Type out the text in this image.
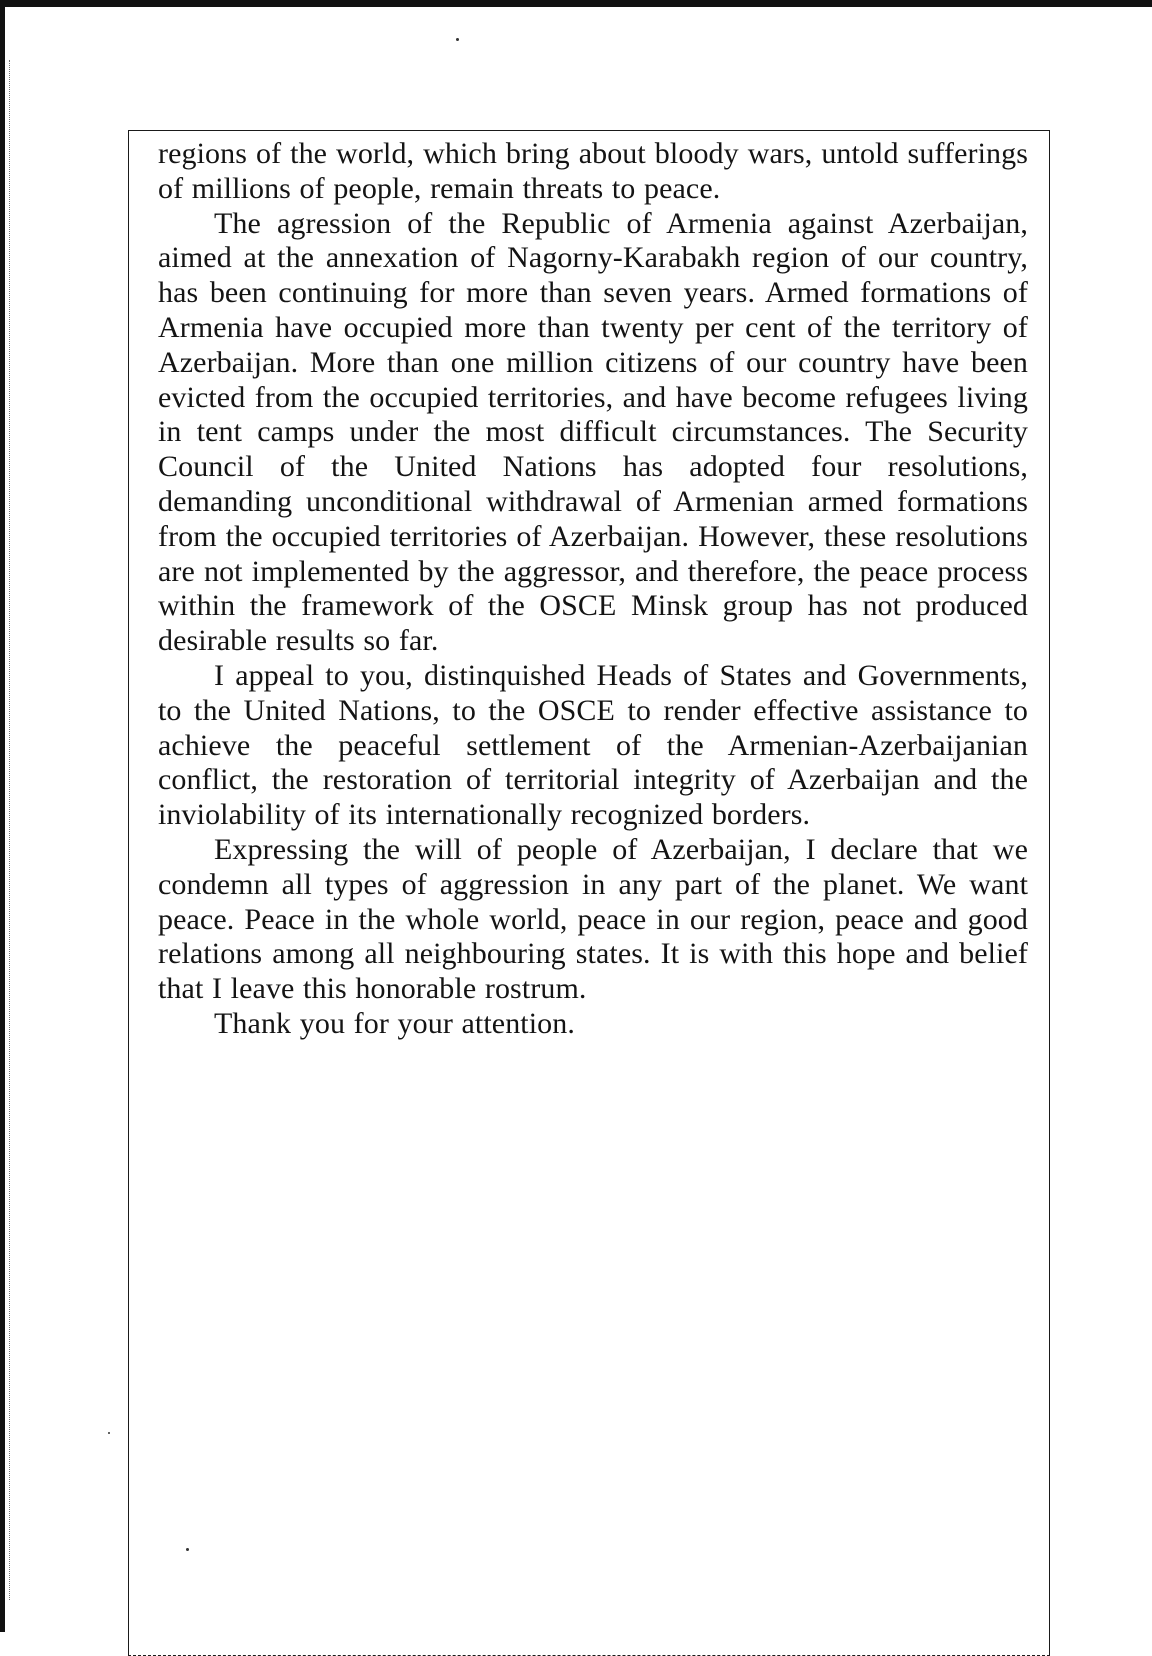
regions of the world, which bring about bloody wars, untold sufferings of millions of people, remain threats to peace.

The agression of the Republic of Armenia against Azerbaijan, aimed at the annexation of Nagorny-Karabakh region of our country, has been continuing for more than seven years. Armed formations of Armenia have occupied more than twenty per cent of the territory of Azerbaijan. More than one million citizens of our country have been evicted from the occupied territories, and have become refugees living in tent camps under the most difficult circumstances. The Security Council of the United Nations has adopted four resolutions, demanding unconditional withdrawal of Armenian armed formations from the occupied territories of Azerbaijan. However, these resolutions are not implemented by the aggressor, and therefore, the peace process within the framework of the OSCE Minsk group has not produced desirable results so far.

I appeal to you, distinquished Heads of States and Governments, to the United Nations, to the OSCE to render effective assistance to achieve the peaceful settlement of the Armenian-Azerbaijanian conflict, the restoration of territorial integrity of Azerbaijan and the inviolability of its internationally recognized borders.

Expressing the will of people of Azerbaijan, I declare that we condemn all types of aggression in any part of the planet. We want peace. Peace in the whole world, peace in our region, peace and good relations among all neighbouring states. It is with this hope and belief that I leave this honorable rostrum.

Thank you for your attention.
